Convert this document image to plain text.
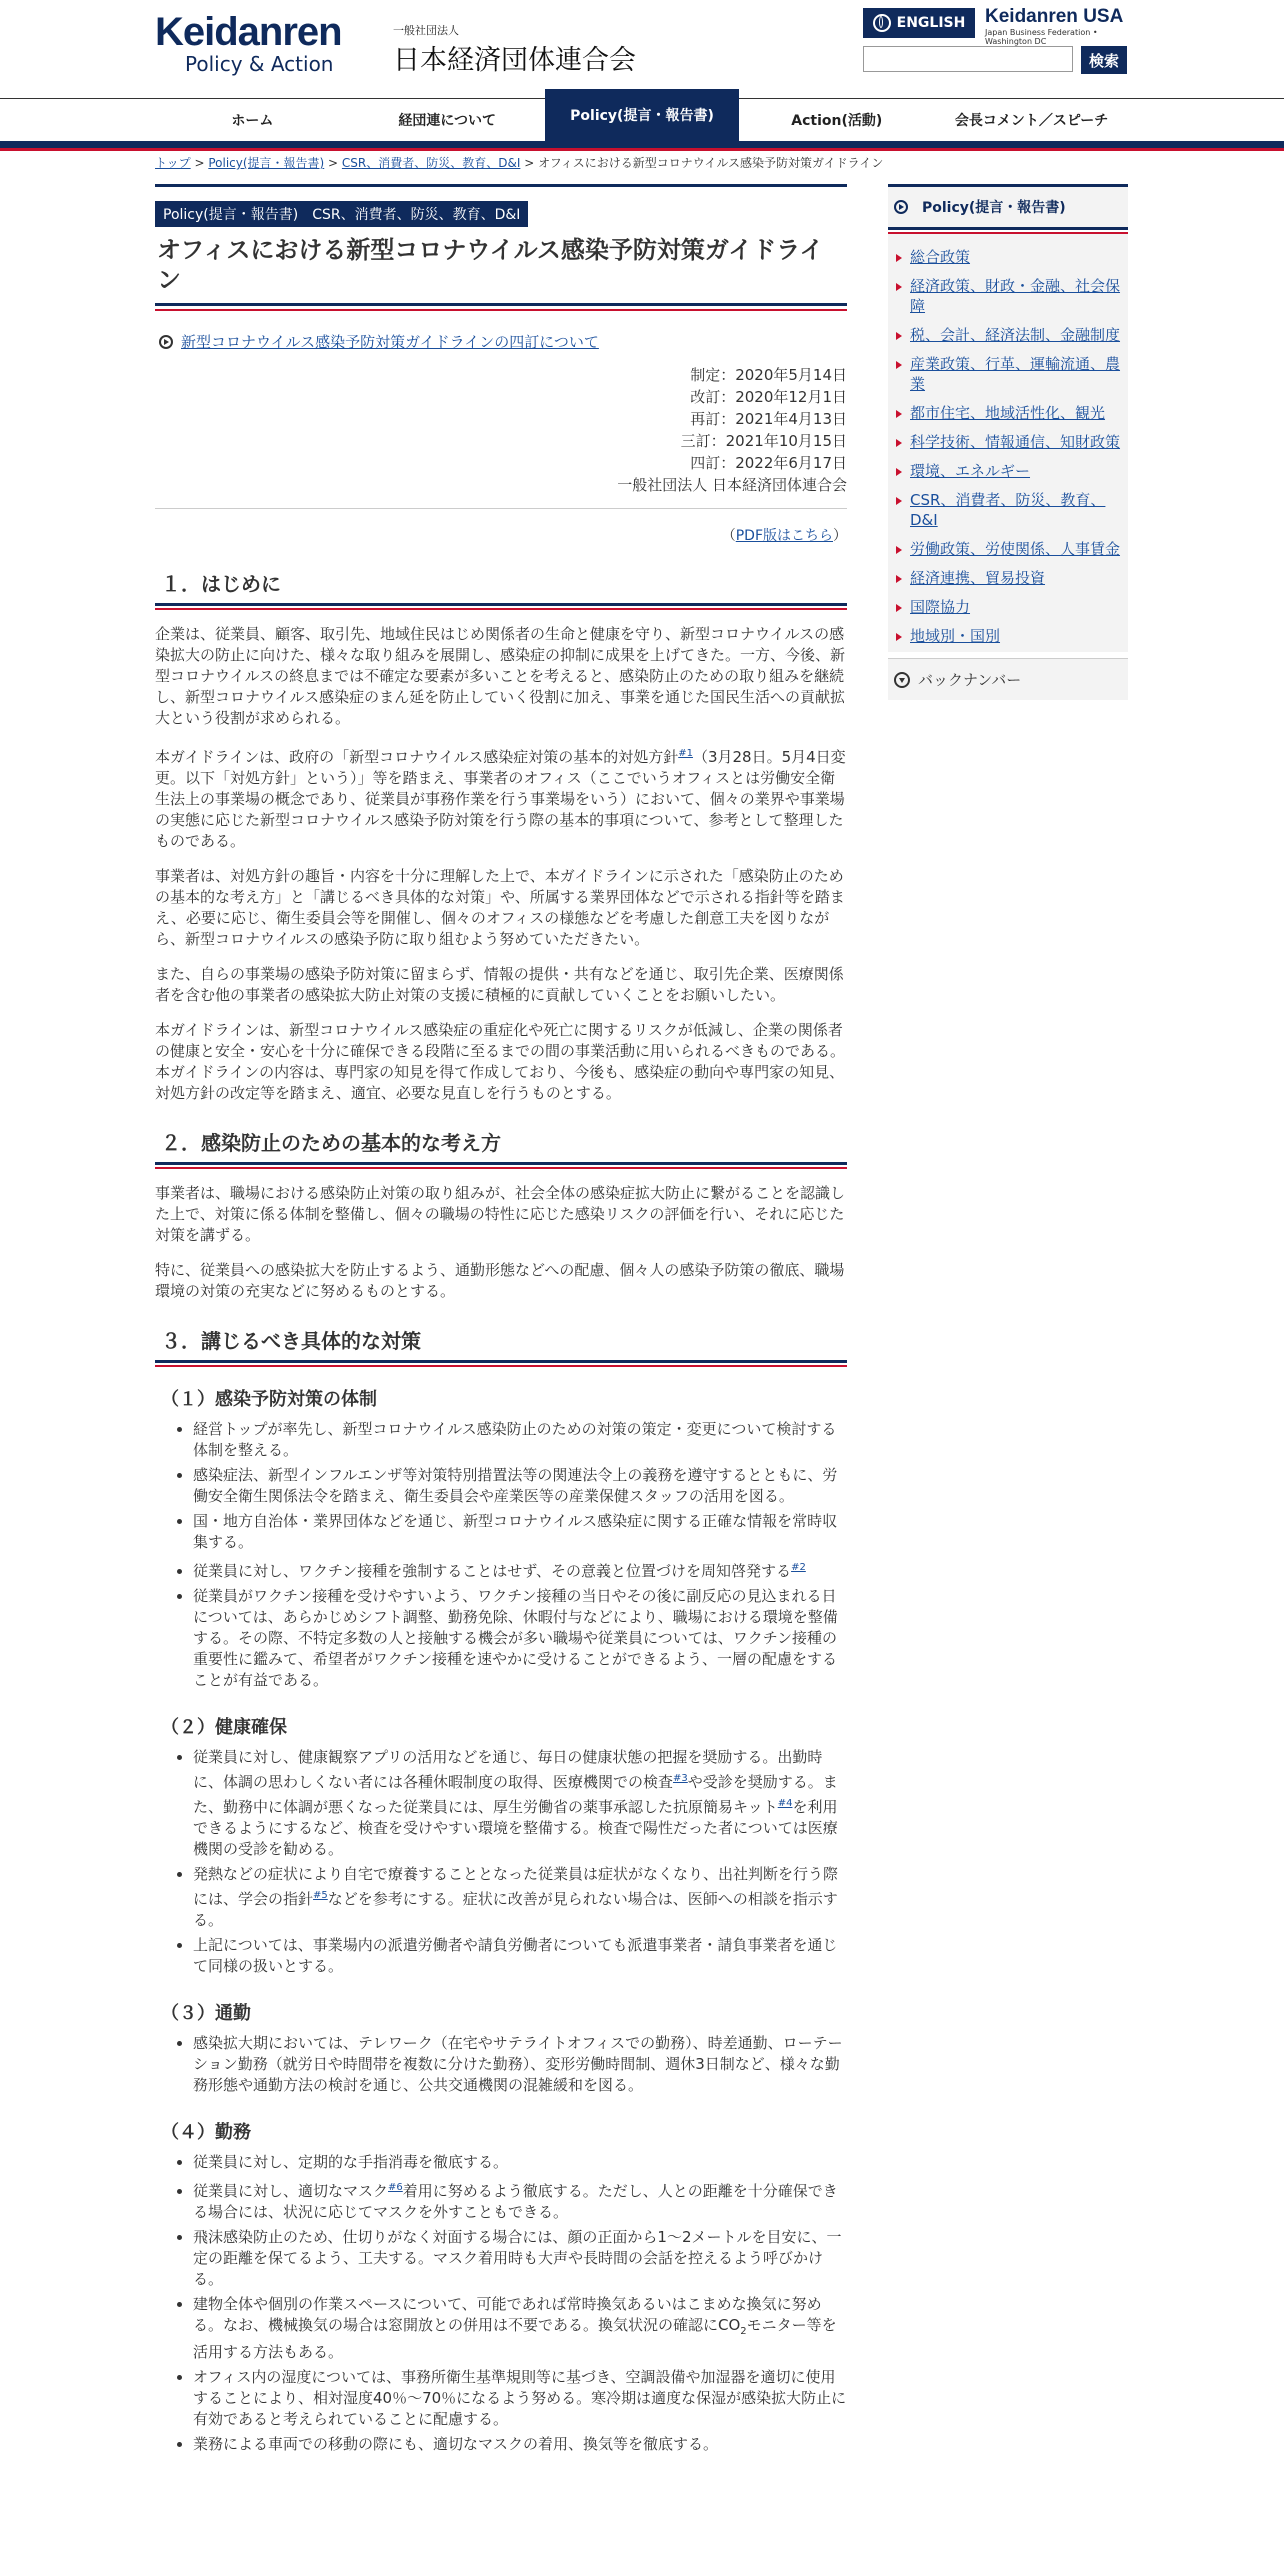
Keidanren
Policy & Action
一般社団法人
日本経済団体連合会
ENGLISH Keidanren USA
Japan Business Federation • Washington DC
検索
ホーム	経団連について	Policy(提言・報告書)	Action(活動)	会長コメント／スピーチ
トップ > Policy(提言・報告書) > CSR、消費者、防災、教育、D&I > オフィスにおける新型コロナウイルス感染予防対策ガイドライン
Policy(提言・報告書)　CSR、消費者、防災、教育、D&I
オフィスにおける新型コロナウイルス感染予防対策ガイドライン
新型コロナウイルス感染予防対策ガイドラインの四訂について
制定：2020年5月14日
改訂：2020年12月1日
再訂：2021年4月13日
三訂：2021年10月15日
四訂：2022年6月17日
一般社団法人 日本経済団体連合会
（PDF版はこちら）
１．はじめに

企業は、従業員、顧客、取引先、地域住民はじめ関係者の生命と健康を守り、新型コロナウイルスの感染拡大の防止に向けた、様々な取り組みを展開し、感染症の抑制に成果を上げてきた。一方、今後、新型コロナウイルスの終息までは不確定な要素が多いことを考えると、感染防止のための取り組みを継続し、新型コロナウイルス感染症のまん延を防止していく役割に加え、事業を通じた国民生活への貢献拡大という役割が求められる。

本ガイドラインは、政府の「新型コロナウイルス感染症対策の基本的対処方針$^{\#1}$（3月28日。5月4日変更。以下「対処方針」という）」等を踏まえ、事業者のオフィス（ここでいうオフィスとは労働安全衛生法上の事業場の概念であり、従業員が事務作業を行う事業場をいう）において、個々の業界や事業場の実態に応じた新型コロナウイルス感染予防対策を行う際の基本的事項について、参考として整理したものである。

事業者は、対処方針の趣旨・内容を十分に理解した上で、本ガイドラインに示された「感染防止のための基本的な考え方」と「講じるべき具体的な対策」や、所属する業界団体などで示される指針等を踏まえ、必要に応じ、衛生委員会等を開催し、個々のオフィスの様態などを考慮した創意工夫を図りながら、新型コロナウイルスの感染予防に取り組むよう努めていただきたい。

また、自らの事業場の感染予防対策に留まらず、情報の提供・共有などを通じ、取引先企業、医療関係者を含む他の事業者の感染拡大防止対策の支援に積極的に貢献していくことをお願いしたい。

本ガイドラインは、新型コロナウイルス感染症の重症化や死亡に関するリスクが低減し、企業の関係者の健康と安全・安心を十分に確保できる段階に至るまでの間の事業活動に用いられるべきものである。本ガイドラインの内容は、専門家の知見を得て作成しており、今後も、感染症の動向や専門家の知見、対処方針の改定等を踏まえ、適宜、必要な見直しを行うものとする。

２．感染防止のための基本的な考え方

事業者は、職場における感染防止対策の取り組みが、社会全体の感染症拡大防止に繋がることを認識した上で、対策に係る体制を整備し、個々の職場の特性に応じた感染リスクの評価を行い、それに応じた対策を講ずる。

特に、従業員への感染拡大を防止するよう、通勤形態などへの配慮、個々人の感染予防策の徹底、職場環境の対策の充実などに努めるものとする。

３．講じるべき具体的な対策
（１）感染予防対策の体制
• 経営トップが率先し、新型コロナウイルス感染防止のための対策の策定・変更について検討する体制を整える。
• 感染症法、新型インフルエンザ等対策特別措置法等の関連法令上の義務を遵守するとともに、労働安全衛生関係法令を踏まえ、衛生委員会や産業医等の産業保健スタッフの活用を図る。
• 国・地方自治体・業界団体などを通じ、新型コロナウイルス感染症に関する正確な情報を常時収集する。
• 従業員に対し、ワクチン接種を強制することはせず、その意義と位置づけを周知啓発する$^{\#2}$
• 従業員がワクチン接種を受けやすいよう、ワクチン接種の当日やその後に副反応の見込まれる日については、あらかじめシフト調整、勤務免除、休暇付与などにより、職場における環境を整備する。その際、不特定多数の人と接触する機会が多い職場や従業員については、ワクチン接種の重要性に鑑みて、希望者がワクチン接種を速やかに受けることができるよう、一層の配慮をすることが有益である。
（２）健康確保
• 従業員に対し、健康観察アプリの活用などを通じ、毎日の健康状態の把握を奨励する。出勤時に、体調の思わしくない者には各種休暇制度の取得、医療機関での検査$^{\#3}$や受診を奨励する。また、勤務中に体調が悪くなった従業員には、厚生労働省の薬事承認した抗原簡易キット$^{\#4}$を利用できるようにするなど、検査を受けやすい環境を整備する。検査で陽性だった者については医療機関の受診を勧める。
• 発熱などの症状により自宅で療養することとなった従業員は症状がなくなり、出社判断を行う際には、学会の指針$^{\#5}$などを参考にする。症状に改善が見られない場合は、医師への相談を指示する。
• 上記については、事業場内の派遣労働者や請負労働者についても派遣事業者・請負事業者を通じて同様の扱いとする。
（３）通勤
• 感染拡大期においては、テレワーク（在宅やサテライトオフィスでの勤務）、時差通勤、ローテーション勤務（就労日や時間帯を複数に分けた勤務）、変形労働時間制、週休3日制など、様々な勤務形態や通勤方法の検討を通じ、公共交通機関の混雑緩和を図る。
（４）勤務
• 従業員に対し、定期的な手指消毒を徹底する。
• 従業員に対し、適切なマスク$^{\#6}$着用に努めるよう徹底する。ただし、人との距離を十分確保できる場合には、状況に応じてマスクを外すこともできる。
• 飛沫感染防止のため、仕切りがなく対面する場合には、顔の正面から1～2メートルを目安に、一定の距離を保てるよう、工夫する。マスク着用時も大声や長時間の会話を控えるよう呼びかける。
• 建物全体や個別の作業スペースについて、可能であれば常時換気あるいはこまめな換気に努める。なお、機械換気の場合は窓開放との併用は不要である。換気状況の確認に$CO_2$モニター等を活用する方法もある。
• オフィス内の湿度については、事務所衛生基準規則等に基づき、空調設備や加湿器を適切に使用することにより、相対湿度40％～70％になるよう努める。寒冷期は適度な保湿が感染拡大防止に有効であると考えられていることに配慮する。
• 業務による車両での移動の際にも、適切なマスクの着用、換気等を徹底する。
Policy(提言・報告書)
総合政策
経済政策、財政・金融、社会保障
税、会計、経済法制、金融制度
産業政策、行革、運輸流通、農業
都市住宅、地域活性化、観光
科学技術、情報通信、知財政策
環境、エネルギー
CSR、消費者、防災、教育、D&I
労働政策、労使関係、人事賃金
経済連携、貿易投資
国際協力
地域別・国別
バックナンバー
